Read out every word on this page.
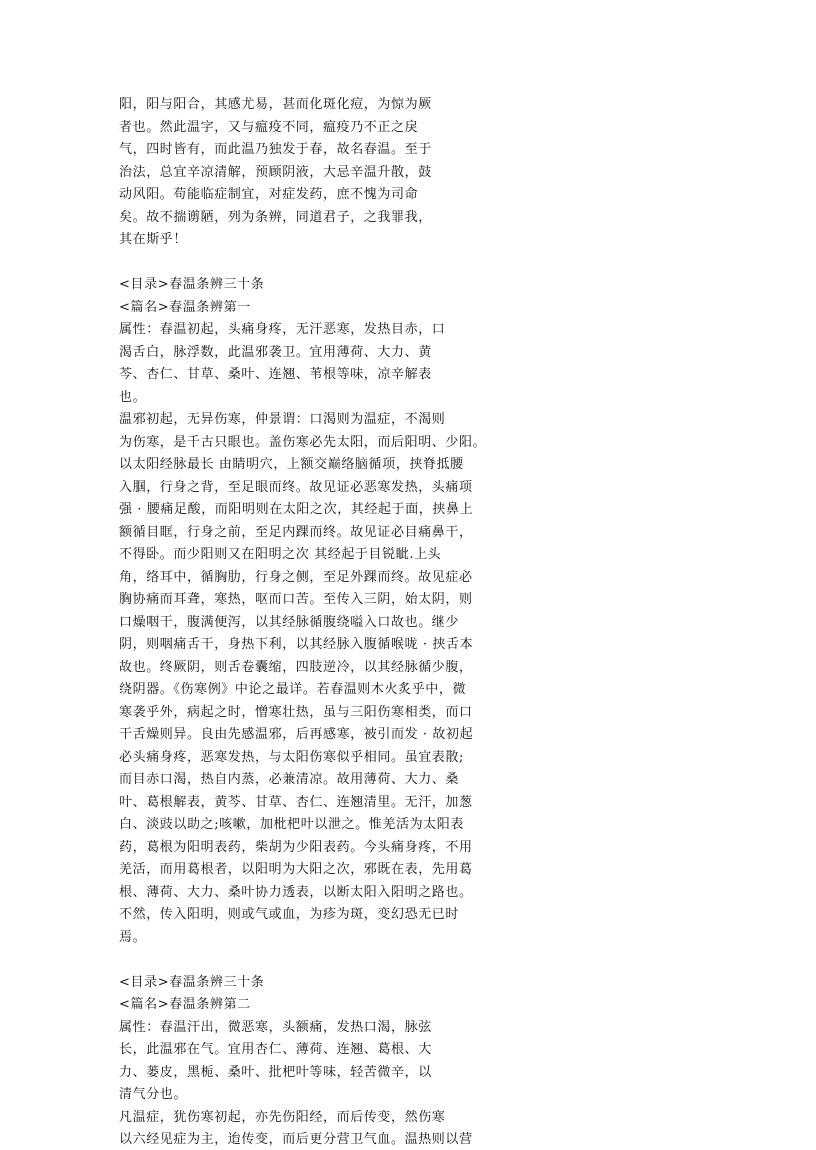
阳，阳与阳合，其感尤易，甚而化斑化痘，为惊为厥
者也。然此温字，又与瘟疫不同，瘟疫乃不正之戾
气，四时皆有，而此温乃独发于春，故名春温。至于
治法，总宜辛凉清解，预顾阴液，大忌辛温升散，鼓
动风阳。苟能临症制宜，对症发药，庶不愧为司命
矣。故不揣谫陋，列为条辨，同道君子，之我罪我，
其在斯乎！
<目录>春温条辨三十条
<篇名>春温条辨第一
属性：春温初起，头痛身疼，无汗恶寒，发热目赤，口
渴舌白，脉浮数，此温邪袭卫。宜用薄荷、大力、黄
芩、杏仁、甘草、桑叶、连翘、苇根等味，凉辛解表
也。
温邪初起，无异伤寒，仲景谓：口渴则为温症，不渴则
为伤寒，是千古只眼也。盖伤寒必先太阳，而后阳明、少阳。
以太阳经脉最长 由睛明穴，上额交巅络脑循项，挟脊抵腰
入腘，行身之背，至足眼而终。故见证必恶寒发热，头痛项
强 · 腰痛足酸，而阳明则在太阳之次，其经起于面，挟鼻上
额循目眶，行身之前，至足内踝而终。故见证必目痛鼻干，
不得卧。而少阳则又在阳明之次 其经起于目锐眦.上头
角，络耳中，循胸肋，行身之侧，至足外踝而终。故见症必
胸协痛而耳聋，寒热，呕而口苦。至传入三阴，始太阴，则
口燥咽干，腹满便泻，以其经脉循腹绕嗌入口故也。继少
阴，则咽痛舌干，身热下利，以其经脉入腹循喉咙 · 挟舌本
故也。终厥阴，则舌卷囊缩，四肢逆冷，以其经脉循少腹，
绕阴器。《伤寒例》中论之最详。若春温则木火炙乎中，微
寒袭乎外，病起之时，憎寒壮热，虽与三阳伤寒相类，而口
干舌燥则异。良由先感温邪，后再感寒，被引而发 · 故初起
必头痛身疼，恶寒发热，与太阳伤寒似乎相同。虽宜表散;
而目赤口渴，热自内蒸，必兼清凉。故用薄荷、大力、桑
叶、葛根解表，黄芩、甘草、杏仁、连翘清里。无汗，加葱
白、淡豉以助之;咳嗽，加枇杷叶以泄之。惟羌活为太阳表
药，葛根为阳明表药，柴胡为少阳表药。今头痛身疼，不用
羌活，而用葛根者，以阳明为大阳之次，邪既在表，先用葛
根、薄荷、大力、桑叶协力透表，以断太阳入阳明之路也。
不然，传入阳明，则或气或血，为疹为斑，变幻恐无已时
焉。
<目录>春温条辨三十条
<篇名>春温条辨第二
属性：春温汗出，微恶寒，头额痛，发热口渴，脉弦
长，此温邪在气。宜用杏仁、薄荷、连翘、葛根、大
力、蒌皮，黑栀、桑叶、批杷叶等味，轻苦微辛，以
清气分也。
凡温症，犹伤寒初起，亦先伤阳经，而后传变，然伤寒
以六经见症为主，迨传变，而后更分营卫气血。温热则以营
